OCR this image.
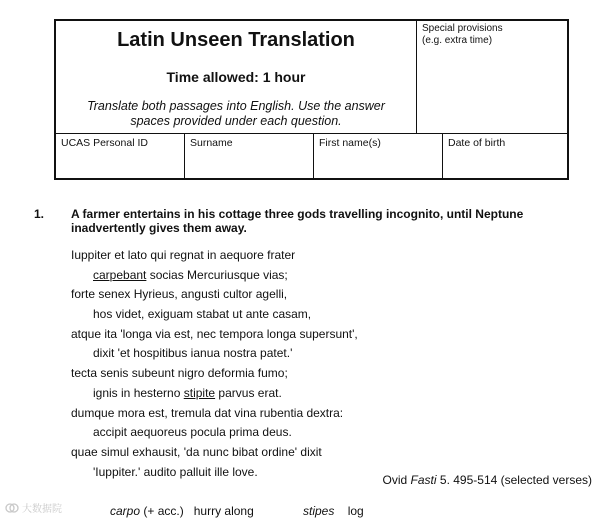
Latin Unseen Translation
Time allowed: 1 hour
Translate both passages into English. Use the answer spaces provided under each question.
Special provisions
(e.g. extra time)
UCAS Personal ID	Surname	First name(s)	Date of birth
1. A farmer entertains in his cottage three gods travelling incognito, until Neptune inadvertently gives them away.
Iuppiter et lato qui regnat in aequore frater
carpebant socias Mercuriusque vias;
forte senex Hyrieus, angusti cultor agelli,
hos videt, exiguam stabat ut ante casam,
atque ita 'longa via est, nec tempora longa supersunt',
dixit 'et hospitibus ianua nostra patet.'
tecta senis subeunt nigro deformia fumo;
ignis in hesterno stipite parvus erat.
dumque mora est, tremula dat vina rubentia dextra:
accipit aequoreus pocula prima deus.
quae simul exhausit, 'da nunc bibat ordine' dixit
'Iuppiter.' audito palluit ille love.
Ovid Fasti 5. 495-514 (selected verses)
大数据院	carpo (+ acc.) hurry along	stipes log
